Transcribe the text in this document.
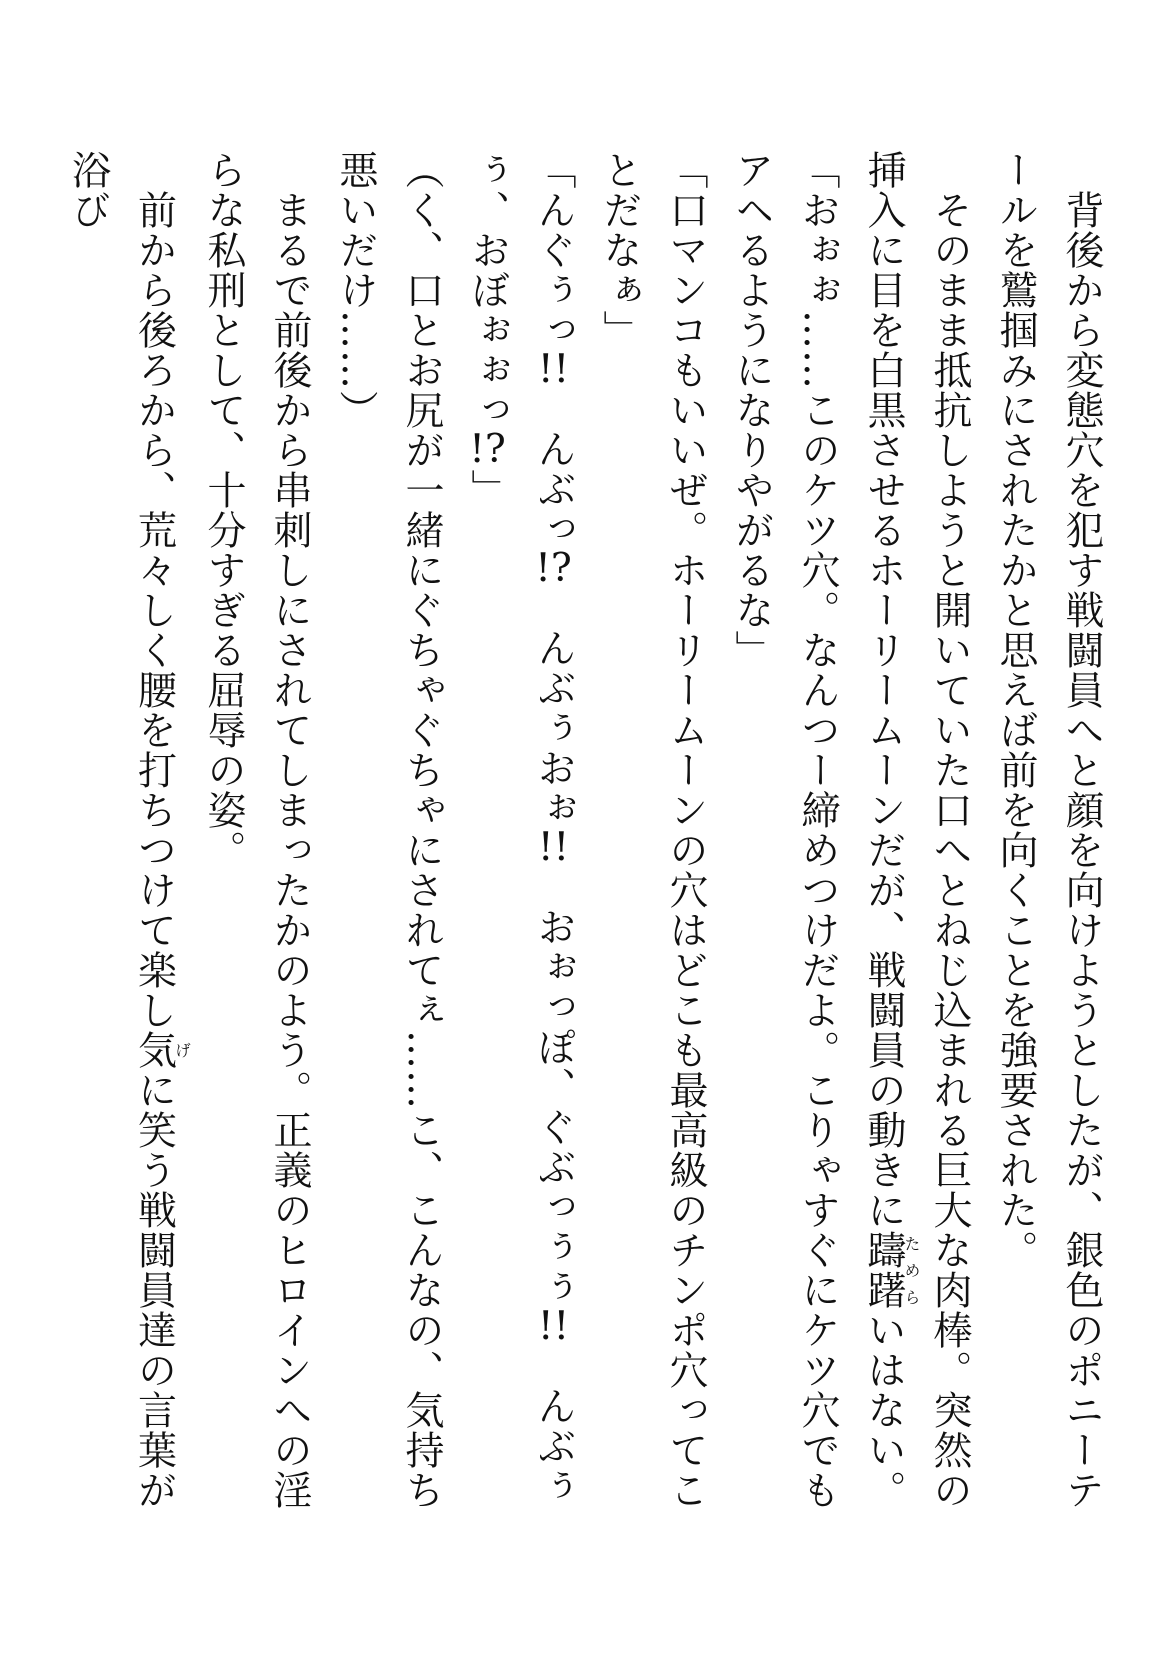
　背後から変態穴を犯す戦闘員へと顔を向けようとしたが、銀色のポニーテールを鷲掴みにされたかと思えば前を向くことを強要された。
　そのまま抵抗しようと開いていた口へとねじ込まれる巨大な肉棒。突然の挿入に目を白黒させるホーリームーンだが、戦闘員の動きに躊躇ためらいはない。
「おぉぉ……このケツ穴。なんつー締めつけだよ。こりゃすぐにケツ穴でもアヘるようになりやがるな」
「口マンコもいいぜ。ホーリームーンの穴はどこも最高級のチンポ穴ってことだなぁ」
「んぐぅっ!!　んぶっ!?　んぶぅおぉ!!　おぉっぽ、ぐぶっぅぅ!!　んぶぅぅ、おぼぉぉっ!?」
（く、口とお尻が一緒にぐちゃぐちゃにされてぇ……こ、こんなの、気持ち悪いだけ……）
　まるで前後から串刺しにされてしまったかのよう。正義のヒロインへの淫らな私刑として、十分すぎる屈辱の姿。
　前から後ろから、荒々しく腰を打ちつけて楽し気げに笑う戦闘員達の言葉が浴び
